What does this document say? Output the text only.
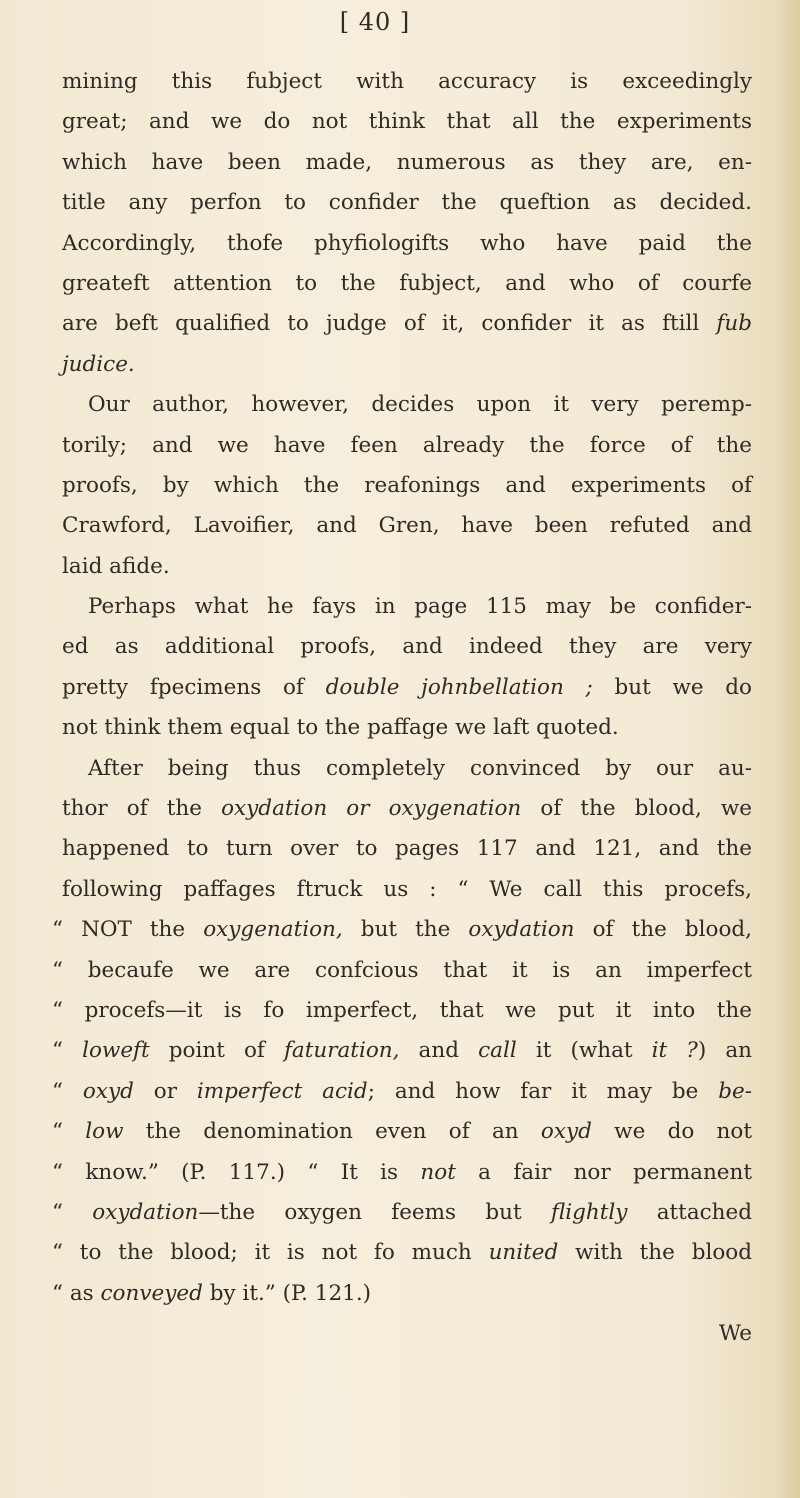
[ 40 ]
mining this fubject with accuracy is exceedingly
great; and we do not think that all the experiments
which have been made, numerous as they are, en-
title any perfon to confider the queftion as decided.
Accordingly, thofe phyfiologifts who have paid the
greateft attention to the fubject, and who of courfe
are beft qualified to judge of it, confider it as ftill fub
judice.
Our author, however, decides upon it very peremp-
torily; and we have feen already the force of the
proofs, by which the reafonings and experiments of
Crawford, Lavoifier, and Gren, have been refuted and
laid afide.
Perhaps what he fays in page 115 may be confider-
ed as additional proofs, and indeed they are very
pretty fpecimens of double johnbellation ; but we do
not think them equal to the paffage we laft quoted.
After being thus completely convinced by our au-
thor of the oxydation or oxygenation of the blood, we
happened to turn over to pages 117 and 121, and the
following paffages ftruck us : “ We call this procefs,
“ NOT the oxygenation, but the oxydation of the blood,
“ becaufe we are confcious that it is an imperfect
“ procefs—it is fo imperfect, that we put it into the
“ loweft point of faturation, and call it (what it ?) an
“ oxyd or imperfect acid; and how far it may be be-
“ low the denomination even of an oxyd we do not
“ know.” (P. 117.) “ It is not a fair nor permanent
“ oxydation—the oxygen feems but flightly attached
“ to the blood; it is not fo much united with the blood
“ as conveyed by it.” (P. 121.)
We
